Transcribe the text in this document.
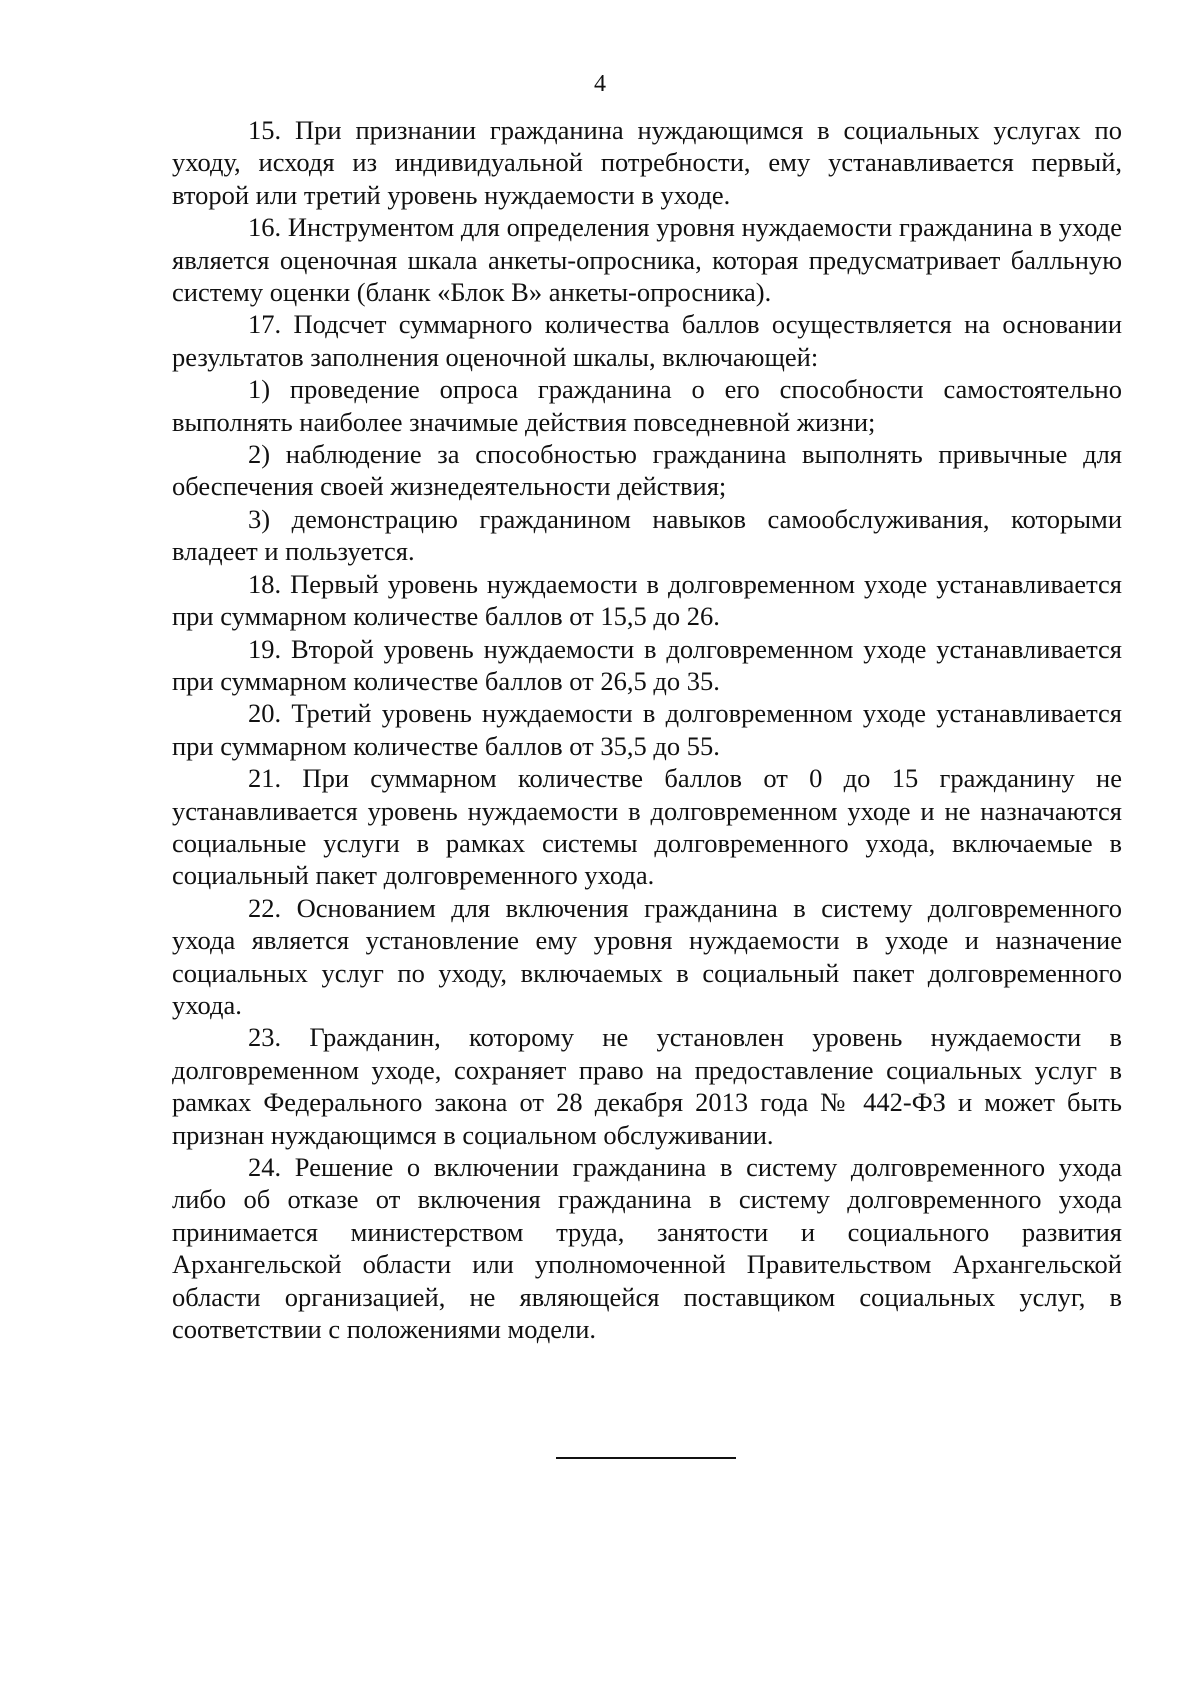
4

15. При признании гражданина нуждающимся в социальных услугах по уходу, исходя из индивидуальной потребности, ему устанавливается первый, второй или третий уровень нуждаемости в уходе.

16. Инструментом для определения уровня нуждаемости гражданина в уходе является оценочная шкала анкеты-опросника, которая предусматривает балльную систему оценки (бланк «Блок В» анкеты-опросника).

17. Подсчет суммарного количества баллов осуществляется на основании результатов заполнения оценочной шкалы, включающей:

1) проведение опроса гражданина о его способности самостоятельно выполнять наиболее значимые действия повседневной жизни;

2) наблюдение за способностью гражданина выполнять привычные для обеспечения своей жизнедеятельности действия;

3) демонстрацию гражданином навыков самообслуживания, которыми владеет и пользуется.

18. Первый уровень нуждаемости в долговременном уходе устанавливается при суммарном количестве баллов от 15,5 до 26.

19. Второй уровень нуждаемости в долговременном уходе устанавливается при суммарном количестве баллов от 26,5 до 35.

20. Третий уровень нуждаемости в долговременном уходе устанавливается при суммарном количестве баллов от 35,5 до 55.

21. При суммарном количестве баллов от 0 до 15 гражданину не устанавливается уровень нуждаемости в долговременном уходе и не назначаются социальные услуги в рамках системы долговременного ухода, включаемые в социальный пакет долговременного ухода.

22. Основанием для включения гражданина в систему долговременного ухода является установление ему уровня нуждаемости в уходе и назначение социальных услуг по уходу, включаемых в социальный пакет долговременного ухода.

23. Гражданин, которому не установлен уровень нуждаемости в долговременном уходе, сохраняет право на предоставление социальных услуг в рамках Федерального закона от 28 декабря 2013 года № 442-ФЗ и может быть признан нуждающимся в социальном обслуживании.

24. Решение о включении гражданина в систему долговременного ухода либо об отказе от включения гражданина в систему долговременного ухода принимается министерством труда, занятости и социального развития Архангельской области или уполномоченной Правительством Архангельской области организацией, не являющейся поставщиком социальных услуг, в соответствии с положениями модели.
